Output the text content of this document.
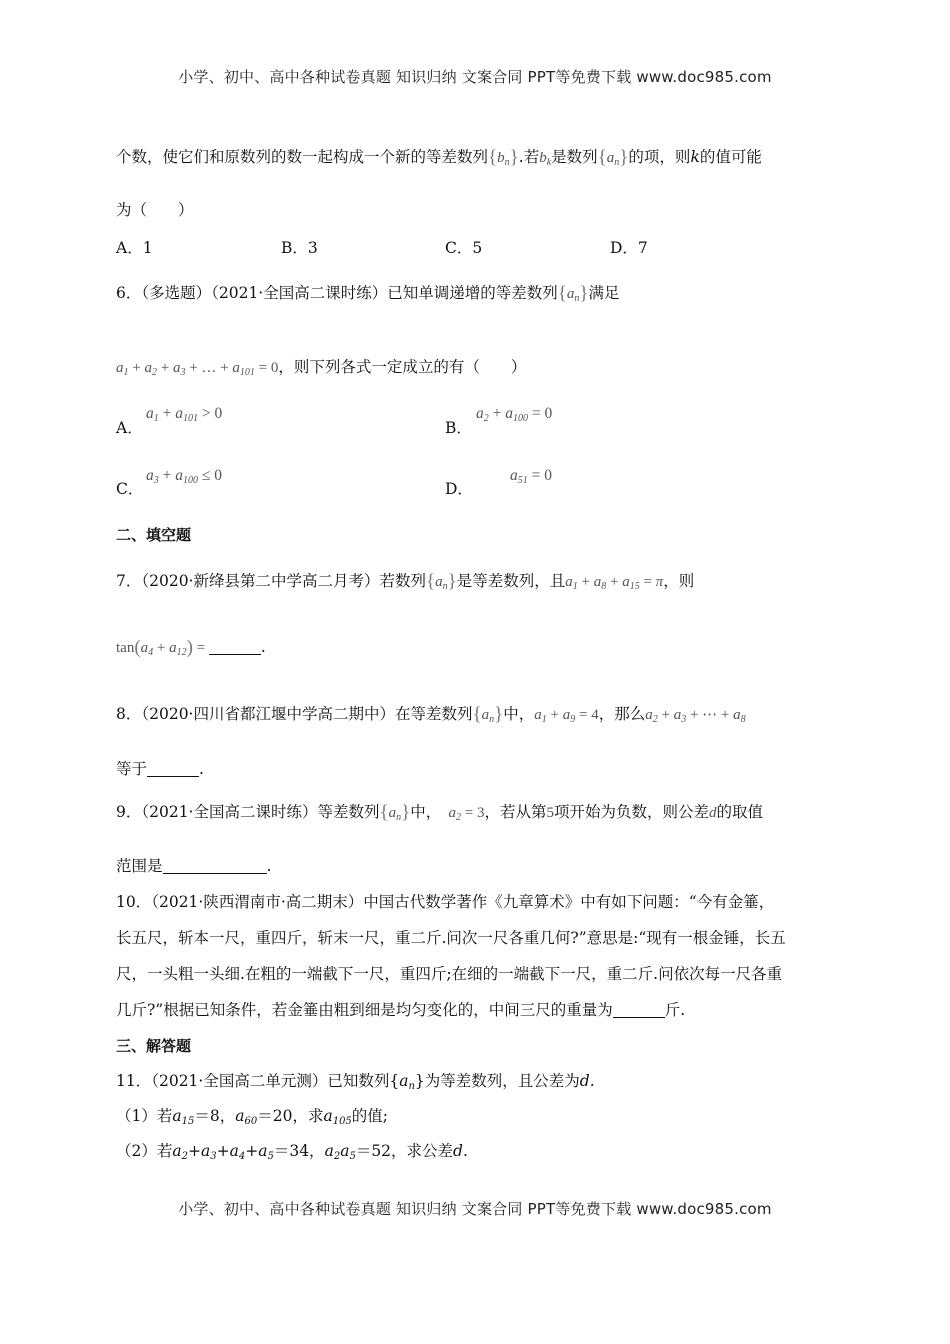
小学、初中、高中各种试卷真题 知识归纳 文案合同 PPT等免费下载 www.doc985.com
个数，使它们和原数列的数一起构成一个新的等差数列$\{b_n\}$.若$b_k$是数列$\{a_n\}$的项，则k的值可能
为（　　）
A．1	B．3	C．5	D．7
6．（多选题）（2021·全国高二课时练）已知单调递增的等差数列$\{a_n\}$满足
$a_1 + a_2 + a_3$ + … + $a_{101} = 0$，则下列各式一定成立的有（　　）
A．
$a_1 + a_{101} > 0$
B．
$a_2 + a_{100} = 0$
C．
$a_3 + a_{100} \le 0$
D．
$a_{51} = 0$
二、填空题
7．（2020·新绛县第二中学高二月考）若数列$\{a_n\}$是等差数列，且$a_1 + a_8 + a_{15} = \pi$，则
$\tan(a_4 + a_{12})$ =	.
8．（2020·四川省都江堰中学高二期中）在等差数列$\{a_n\}$中，$a_1 + a_9 = 4$，那么$a_2 + a_3$ + ⋯ + $a_8$
等于	.
9．（2021·全国高二课时练）等差数列$\{a_n\}$中，　$a_2 = 3$，若从第5项开始为负数，则公差d的取值
范围是	.
10．（2021·陕西渭南市·高二期末）中国古代数学著作《九章算术》中有如下问题：“今有金箠，
长五尺，斩本一尺，重四斤，斩末一尺，重二斤.问次一尺各重几何?”意思是:“现有一根金锤，长五
尺，一头粗一头细.在粗的一端截下一尺，重四斤;在细的一端截下一尺，重二斤.问依次每一尺各重
几斤?”根据已知条件，若金箠由粗到细是均匀变化的，中间三尺的重量为	斤.
三、解答题
11．（2021·全国高二单元测）已知数列$\{a_n\}$为等差数列，且公差为d.
（1）若$a_{15}=8$，$a_{60}=20$，求$a_{105}$的值;
（2）若$a_2+a_3+a_4+a_5=34$，$a_2a_5=52$，求公差d.
小学、初中、高中各种试卷真题 知识归纳 文案合同 PPT等免费下载 www.doc985.com
